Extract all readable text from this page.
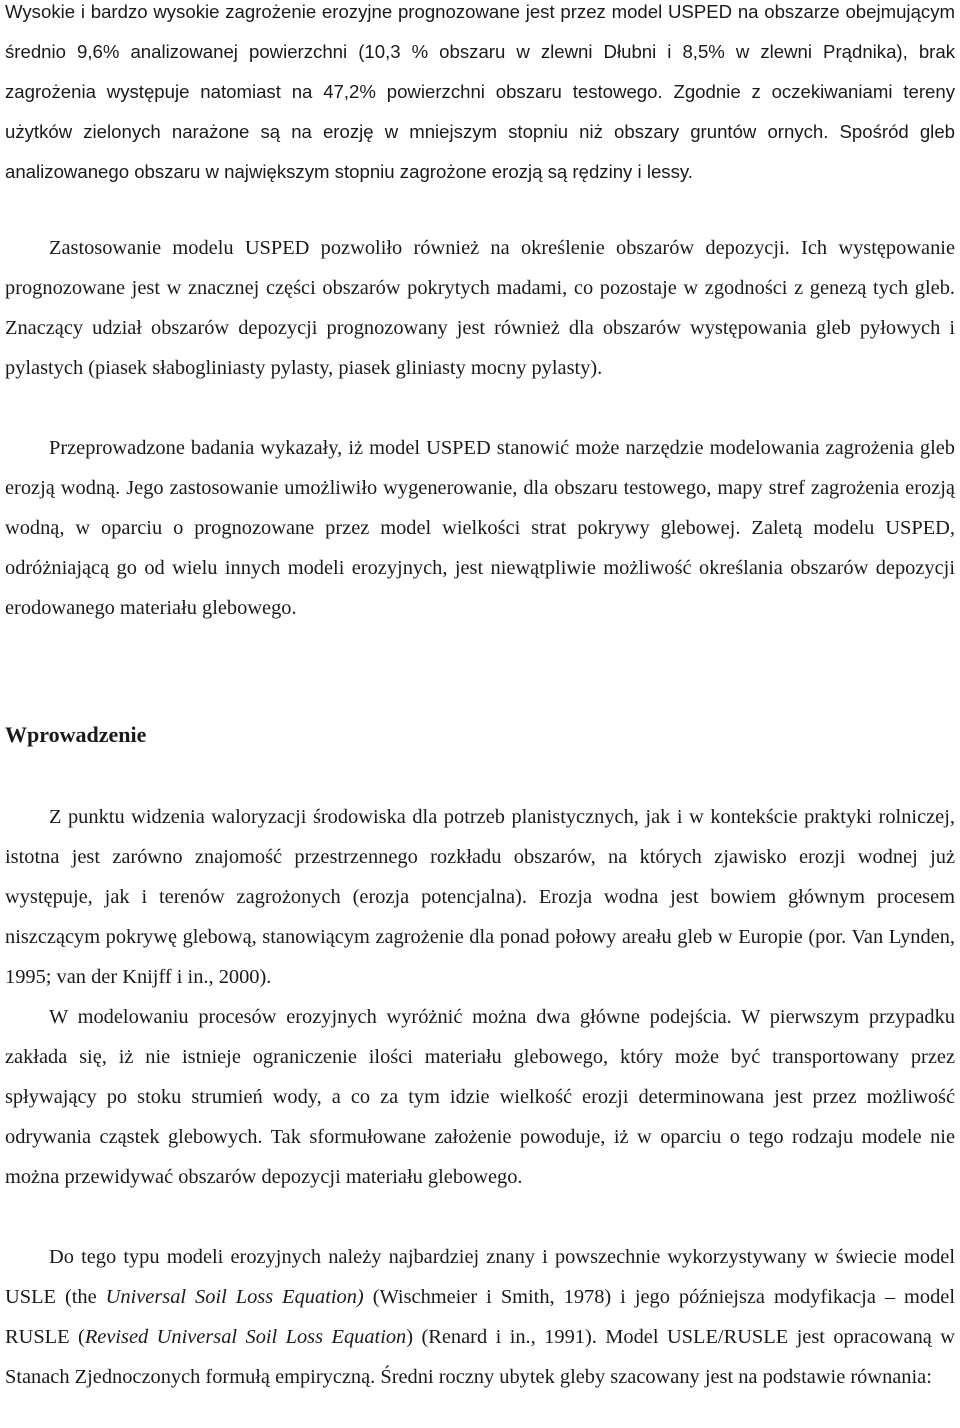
Wysokie i bardzo wysokie zagrożenie erozyjne prognozowane jest przez model USPED na obszarze obejmującym średnio 9,6% analizowanej powierzchni (10,3 % obszaru w zlewni Dłubni i 8,5% w zlewni Prądnika), brak zagrożenia występuje natomiast na 47,2% powierzchni obszaru testowego. Zgodnie z oczekiwaniami tereny użytków zielonych narażone są na erozję w mniejszym stopniu niż obszary gruntów ornych. Spośród gleb analizowanego obszaru w największym stopniu zagrożone erozją są rędziny i lessy.

Zastosowanie modelu USPED pozwoliło również na określenie obszarów depozycji. Ich występowanie prognozowane jest w znacznej części obszarów pokrytych madami, co pozostaje w zgodności z genezą tych gleb. Znaczący udział obszarów depozycji prognozowany jest również dla obszarów występowania gleb pyłowych i pylastych (piasek słabogliniasty pylasty, piasek gliniasty mocny pylasty).

Przeprowadzone badania wykazały, iż model USPED stanowić może narzędzie modelowania zagrożenia gleb erozją wodną. Jego zastosowanie umożliwiło wygenerowanie, dla obszaru testowego, mapy stref zagrożenia erozją wodną, w oparciu o prognozowane przez model wielkości strat pokrywy glebowej. Zaletą modelu USPED, odróżniającą go od wielu innych modeli erozyjnych, jest niewątpliwie możliwość określania obszarów depozycji erodowanego materiału glebowego.

Wprowadzenie

Z punktu widzenia waloryzacji środowiska dla potrzeb planistycznych, jak i w kontekście praktyki rolniczej, istotna jest zarówno znajomość przestrzennego rozkładu obszarów, na których zjawisko erozji wodnej już występuje, jak i terenów zagrożonych (erozja potencjalna). Erozja wodna jest bowiem głównym procesem niszczącym pokrywę glebową, stanowiącym zagrożenie dla ponad połowy areału gleb w Europie (por. Van Lynden, 1995; van der Knijff i in., 2000).

W modelowaniu procesów erozyjnych wyróżnić można dwa główne podejścia. W pierwszym przypadku zakłada się, iż nie istnieje ograniczenie ilości materiału glebowego, który może być transportowany przez spływający po stoku strumień wody, a co za tym idzie wielkość erozji determinowana jest przez możliwość odrywania cząstek glebowych. Tak sformułowane założenie powoduje, iż w oparciu o tego rodzaju modele nie można przewidywać obszarów depozycji materiału glebowego.

Do tego typu modeli erozyjnych należy najbardziej znany i powszechnie wykorzystywany w świecie model USLE (the Universal Soil Loss Equation) (Wischmeier i Smith, 1978) i jego późniejsza modyfikacja – model RUSLE (Revised Universal Soil Loss Equation) (Renard i in., 1991). Model USLE/RUSLE jest opracowaną w Stanach Zjednoczonych formułą empiryczną. Średni roczny ubytek gleby szacowany jest na podstawie równania:
